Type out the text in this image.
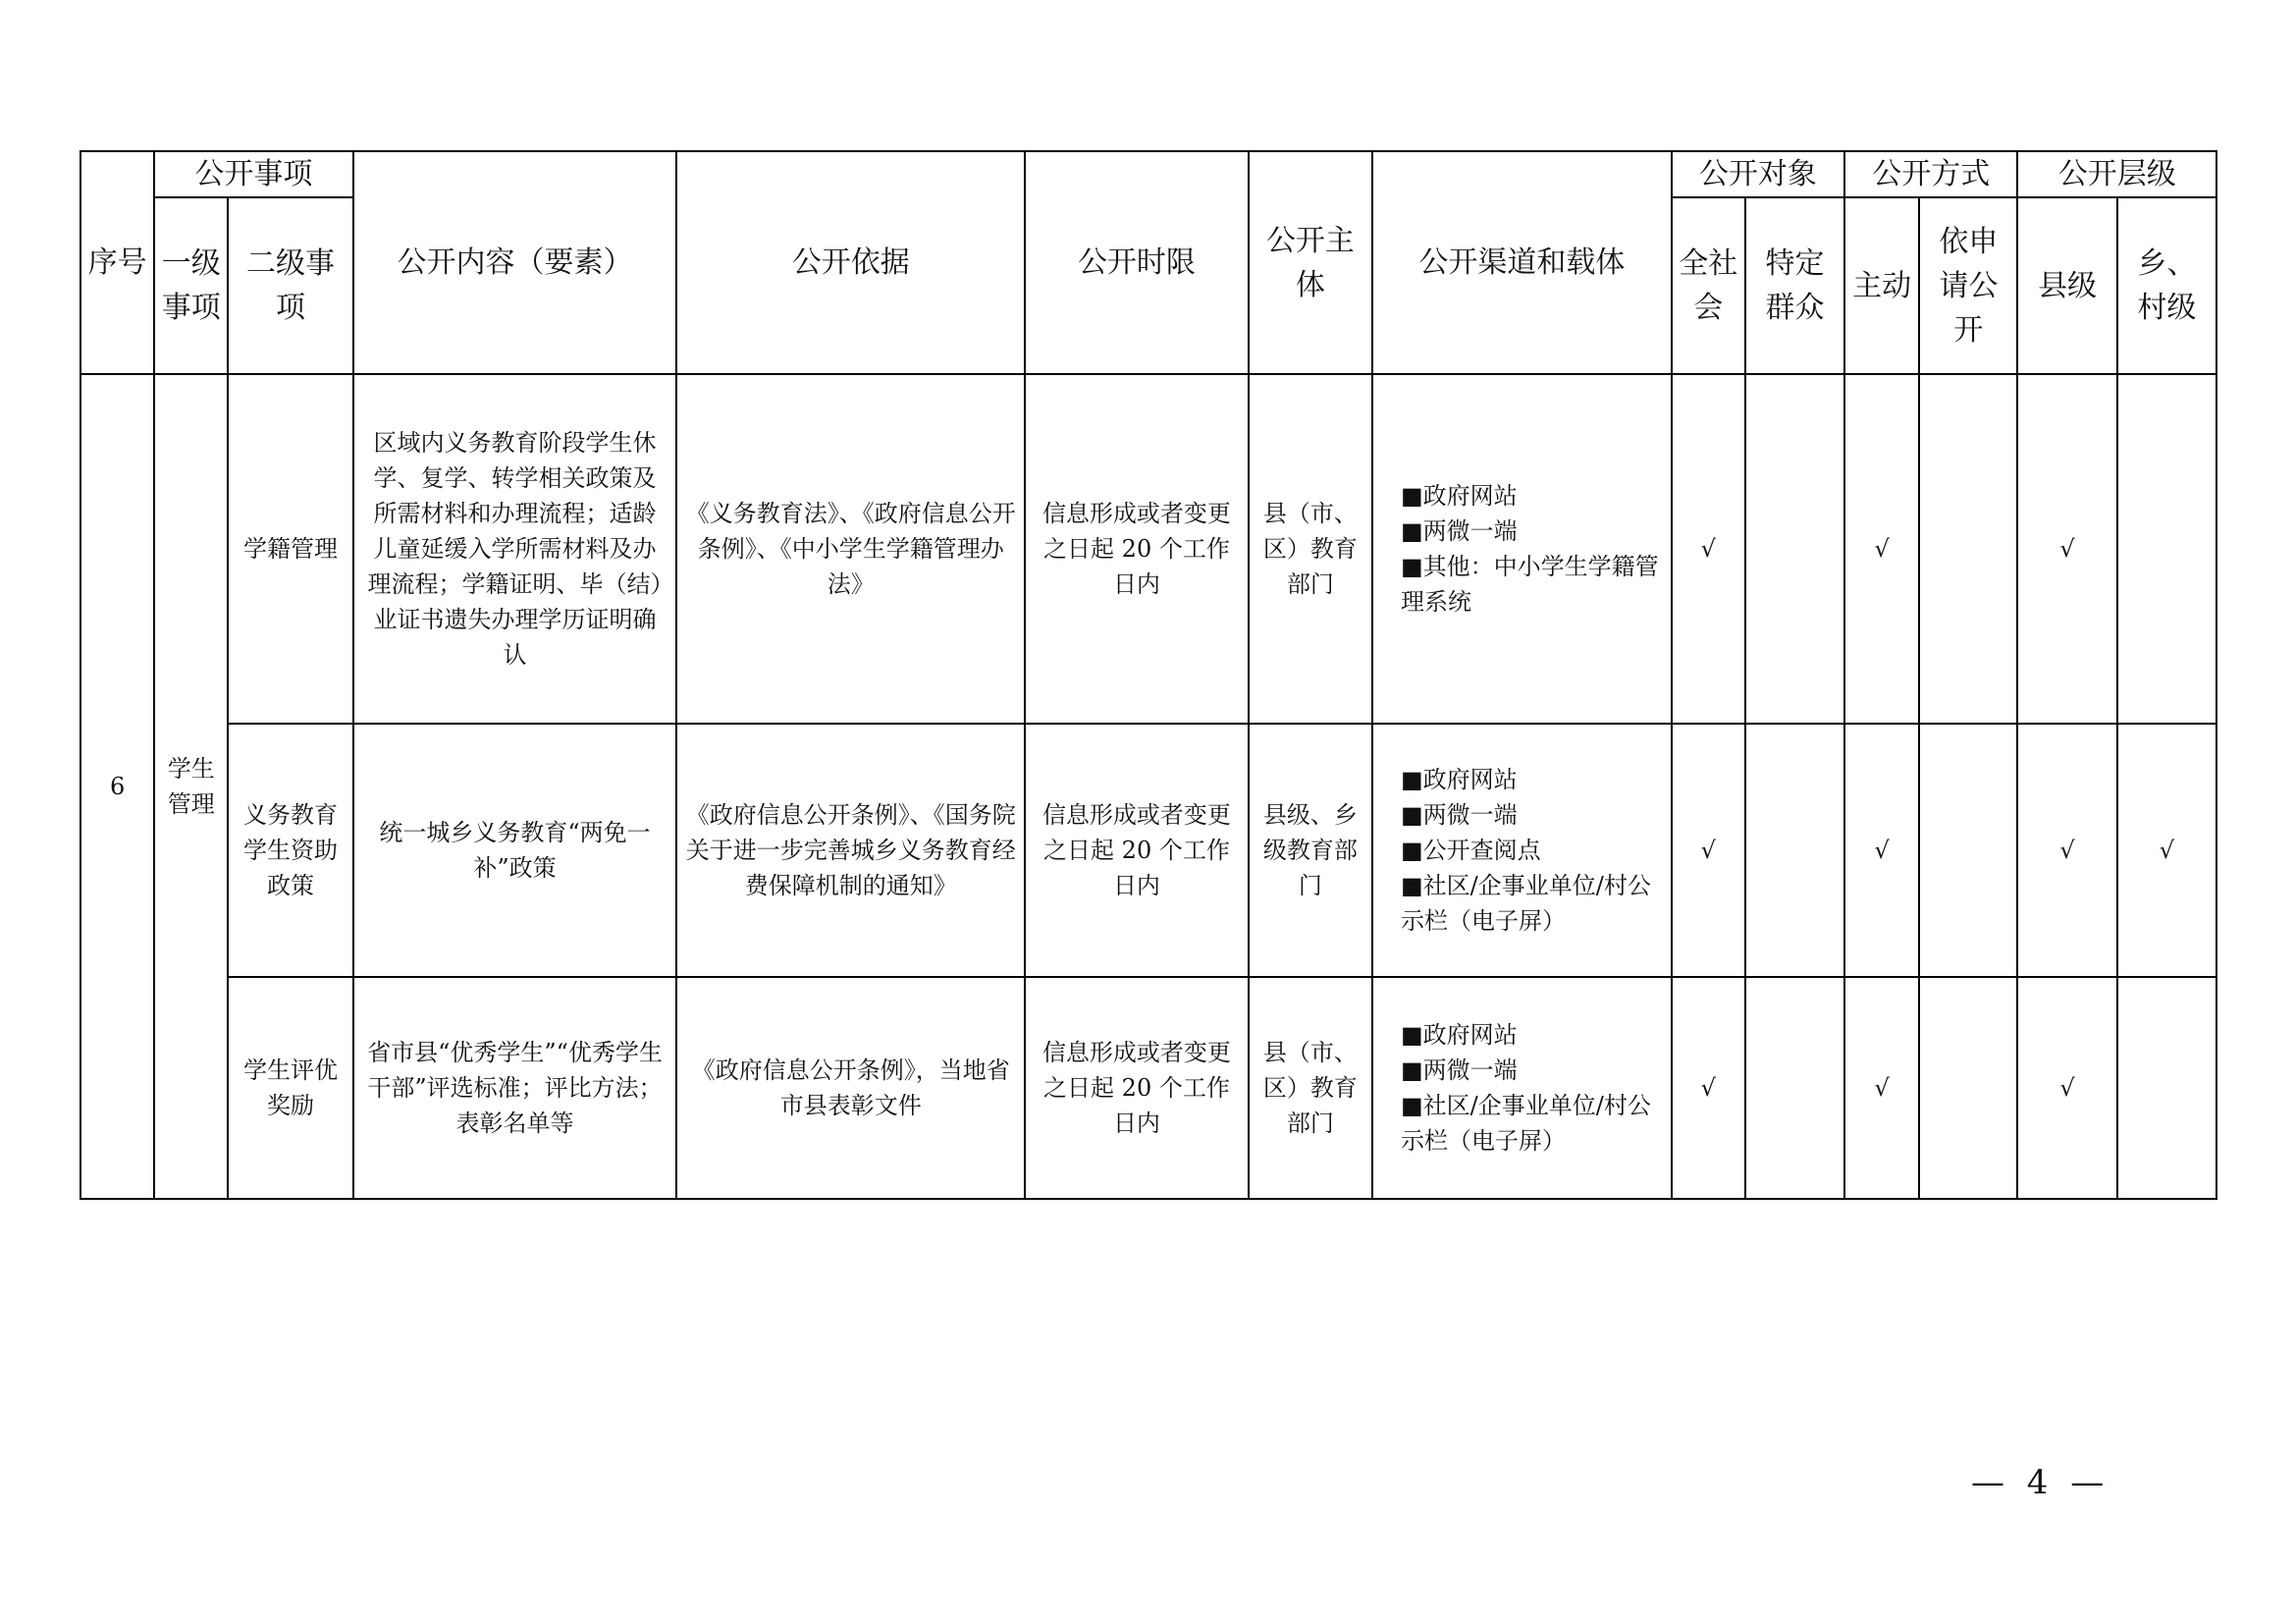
序号	公开事项		公开内容（要素）	公开依据	公开时限	公开主体	公开渠道和载体	公开对象		公开方式		公开层级	
	一级事项	二级事项						全社会	特定群众	主动	依申请公开	县级	乡、村级
6	学生管理	学籍管理	区域内义务教育阶段学生休学、复学、转学相关政策及所需材料和办理流程；适龄儿童延缓入学所需材料及办理流程；学籍证明、毕（结）业证书遗失办理学历证明确认	《义务教育法》、《政府信息公开条例》、《中小学生学籍管理办法》	信息形成或者变更之日起 20 个工作日内	县（市、区）教育部门	■政府网站
■两微一端
■其他：中小学生学籍管理系统	√		√		√	
		义务教育学生资助政策	统一城乡义务教育“两免一补”政策	《政府信息公开条例》、《国务院关于进一步完善城乡义务教育经费保障机制的通知》	信息形成或者变更之日起 20 个工作日内	县级、乡级教育部门	■政府网站
■两微一端
■公开查阅点
■社区/企事业单位/村公示栏（电子屏）	√		√		√	√
		学生评优奖励	省市县“优秀学生”“优秀学生干部”评选标准；评比方法；表彰名单等	《政府信息公开条例》，当地省市县表彰文件	信息形成或者变更之日起 20 个工作日内	县（市、区）教育部门	■政府网站
■两微一端
■社区/企事业单位/村公示栏（电子屏）	√		√		√	
— 4 —
